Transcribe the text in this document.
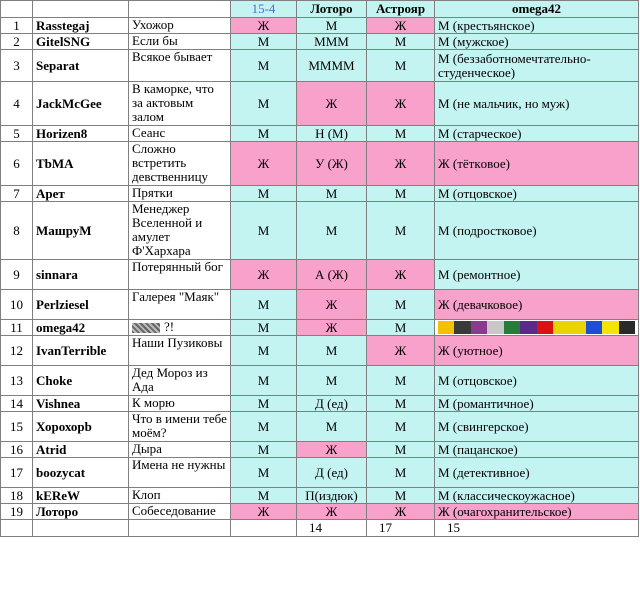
			15-4	Лоторо	Астрояр	omega42
1	Rasstegaj	Ухожор	Ж	М	Ж	М (крестьянское)
2	GitelSNG	Если бы	М	МММ	М	М (мужское)
3	Separat	Всякое бывает	М	ММММ	М	М (беззаботномечтательно-студенческое)
4	JackMcGee	В каморке, что за актовым залом	М	Ж	Ж	М (не мальчик, но муж)
5	Horizen8	Сеанс	М	Н (М)	М	М (старческое)
6	TbMA	Сложно встретить девственницу	Ж	У (Ж)	Ж	Ж (тёткoвое)
7	Арет	Прятки	М	М	М	М (отцовское)
8	МашруМ	Менеджер Вселенной и амулет Ф'Хархара	М	М	М	М (подростковое)
9	sinnara	Потерянный бог	Ж	А (Ж)	Ж	М (ремонтное)
10	Perlziesel	Галерея "Маяк"	М	Ж	М	Ж (девачковое)
11	omega42	?!	М	Ж	М	

12	IvanTerrible	Наши Пузиковы	М	М	Ж	Ж (уютное)
13	Choke	Дед Мороз из Ада	М	М	М	М (отцовское)
14	Vishnea	К морю	М	Д (ед)	М	М (романтичное)
15	Хорохорb	Что в имени тебе моём?	М	М	М	М (свингерское)
16	Atrid	Дыра	М	Ж	М	М (пацанское)
17	boozycat	Имена не нужны	М	Д (ед)	М	М (детективное)
18	kEReW	Клоп	М	П(издюк)	М	М (классическоужасное)
19	Лоторо	Собеседование	Ж	Ж	Ж	Ж (очагохранительское)
				14	17	15
